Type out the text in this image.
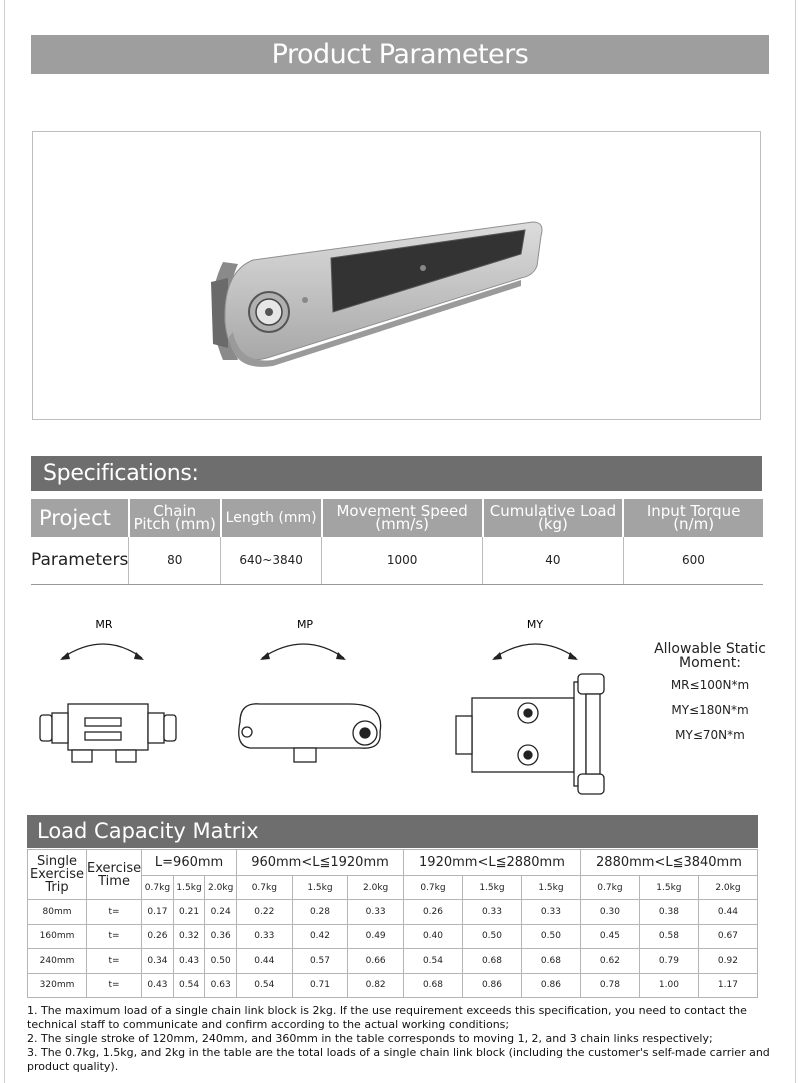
Product Parameters
Specifications:
Project	Chain Pitch (mm)	Length (mm)	Movement Speed (mm/s)	Cumulative Load (kg)	Input Torque (n/m)
Parameters	80	640~3840	1000	40	600
MR	MP	MY
Allowable Static Moment:
MR≤100N*m
MY≤180N*m
MY≤70N*m
Load Capacity Matrix
Single Exercise Trip	Exercise Time	L=960mm			960mm<L≦1920mm			1920mm<L≦2880mm			2880mm<L≦3840mm		
		0.7kg	1.5kg	2.0kg	0.7kg	1.5kg	2.0kg	0.7kg	1.5kg	1.5kg	0.7kg	1.5kg	2.0kg
80mm	t=	0.17	0.21	0.24	0.22	0.28	0.33	0.26	0.33	0.33	0.30	0.38	0.44
160mm	t=	0.26	0.32	0.36	0.33	0.42	0.49	0.40	0.50	0.50	0.45	0.58	0.67
240mm	t=	0.34	0.43	0.50	0.44	0.57	0.66	0.54	0.68	0.68	0.62	0.79	0.92
320mm	t=	0.43	0.54	0.63	0.54	0.71	0.82	0.68	0.86	0.86	0.78	1.00	1.17
1. The maximum load of a single chain link block is 2kg. If the use requirement exceeds this specification, you need to contact the technical staff to communicate and confirm according to the actual working conditions;
2. The single stroke of 120mm, 240mm, and 360mm in the table corresponds to moving 1, 2, and 3 chain links respectively;
3. The 0.7kg, 1.5kg, and 2kg in the table are the total loads of a single chain link block (including the customer's self-made carrier and product quality).
